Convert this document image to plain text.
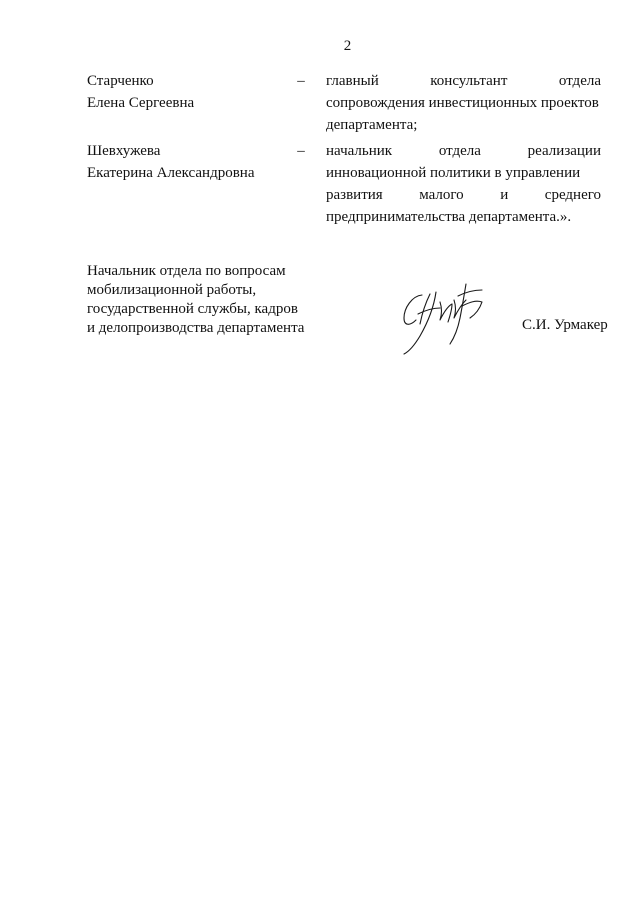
2
Старченко
Елена Сергеевна
– главный консультант отдела
сопровождения инвестиционных проектов
департамента;
Шевхужева
Екатерина Александровна
– начальник отдела реализации
инновационной политики в управлении
развития малого и среднего
предпринимательства департамента.».
Начальник отдела по вопросам
мобилизационной работы,
государственной службы, кадров
и делопроизводства департамента	С.И. Урмакер
